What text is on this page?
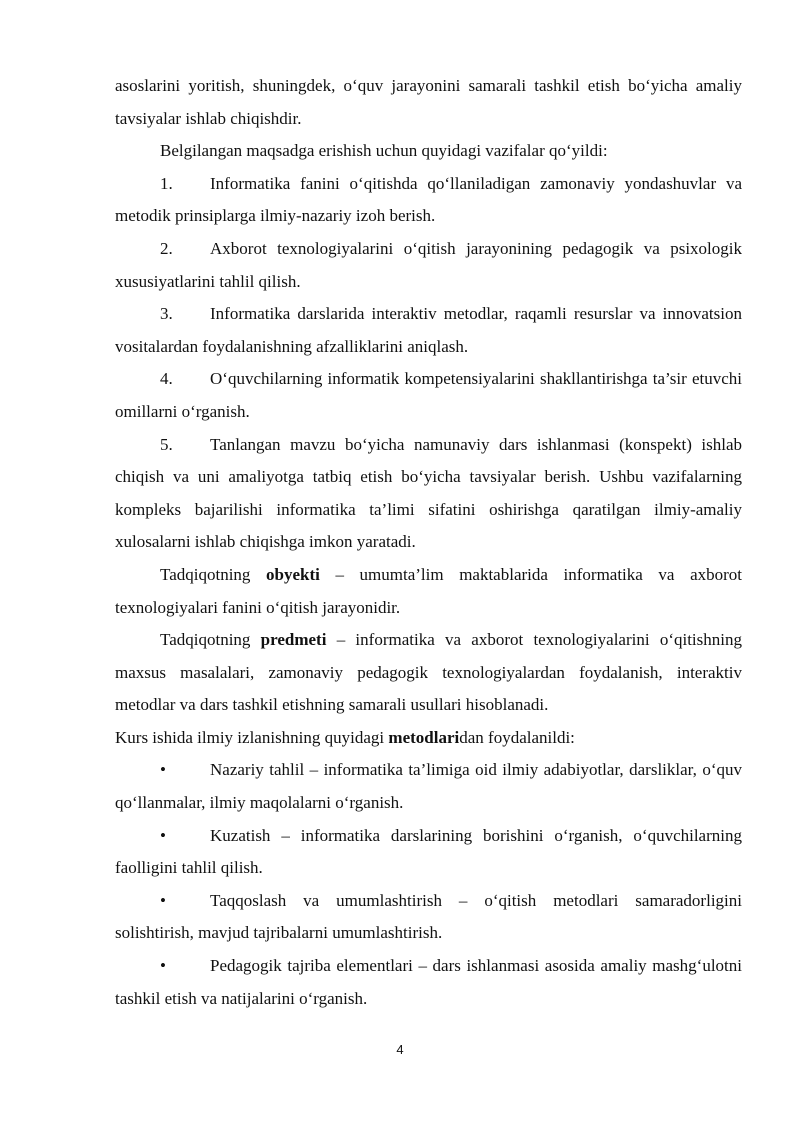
asoslarini yoritish, shuningdek, oʻquv jarayonini samarali tashkil etish boʻyicha amaliy tavsiyalar ishlab chiqishdir.

Belgilangan maqsadga erishish uchun quyidagi vazifalar qoʻyildi:

1. Informatika fanini oʻqitishda qoʻllaniladigan zamonaviy yondashuvlar va metodik prinsiplarga ilmiy-nazariy izoh berish.

2. Axborot texnologiyalarini oʻqitish jarayonining pedagogik va psixologik xususiyatlarini tahlil qilish.

3. Informatika darslarida interaktiv metodlar, raqamli resurslar va innovatsion vositalardan foydalanishning afzalliklarini aniqlash.

4. Oʻquvchilarning informatik kompetensiyalarini shakllantirishga ta’sir etuvchi omillarni oʻrganish.

5. Tanlangan mavzu boʻyicha namunaviy dars ishlanmasi (konspekt) ishlab chiqish va uni amaliyotga tatbiq etish boʻyicha tavsiyalar berish. Ushbu vazifalarning kompleks bajarilishi informatika ta’limi sifatini oshirishga qaratilgan ilmiy-amaliy xulosalarni ishlab chiqishga imkon yaratadi.

Tadqiqotning obyekti – umumta’lim maktablarida informatika va axborot texnologiyalari fanini oʻqitish jarayonidir.

Tadqiqotning predmeti – informatika va axborot texnologiyalarini oʻqitishning maxsus masalalari, zamonaviy pedagogik texnologiyalardan foydalanish, interaktiv metodlar va dars tashkil etishning samarali usullari hisoblanadi.

Kurs ishida ilmiy izlanishning quyidagi metodlaridan foydalanildi:

•	Nazariy tahlil – informatika ta’limiga oid ilmiy adabiyotlar, darsliklar, oʻquv qoʻllanmalar, ilmiy maqolalarni oʻrganish.

•	Kuzatish – informatika darslarining borishini oʻrganish, oʻquvchilarning faolligini tahlil qilish.

•	Taqqoslash va umumlashtirish – oʻqitish metodlari samaradorligini solishtirish, mavjud tajribalarni umumlashtirish.

•	Pedagogik tajriba elementlari – dars ishlanmasi asosida amaliy mashgʻulotni tashkil etish va natijalarini oʻrganish.

4
